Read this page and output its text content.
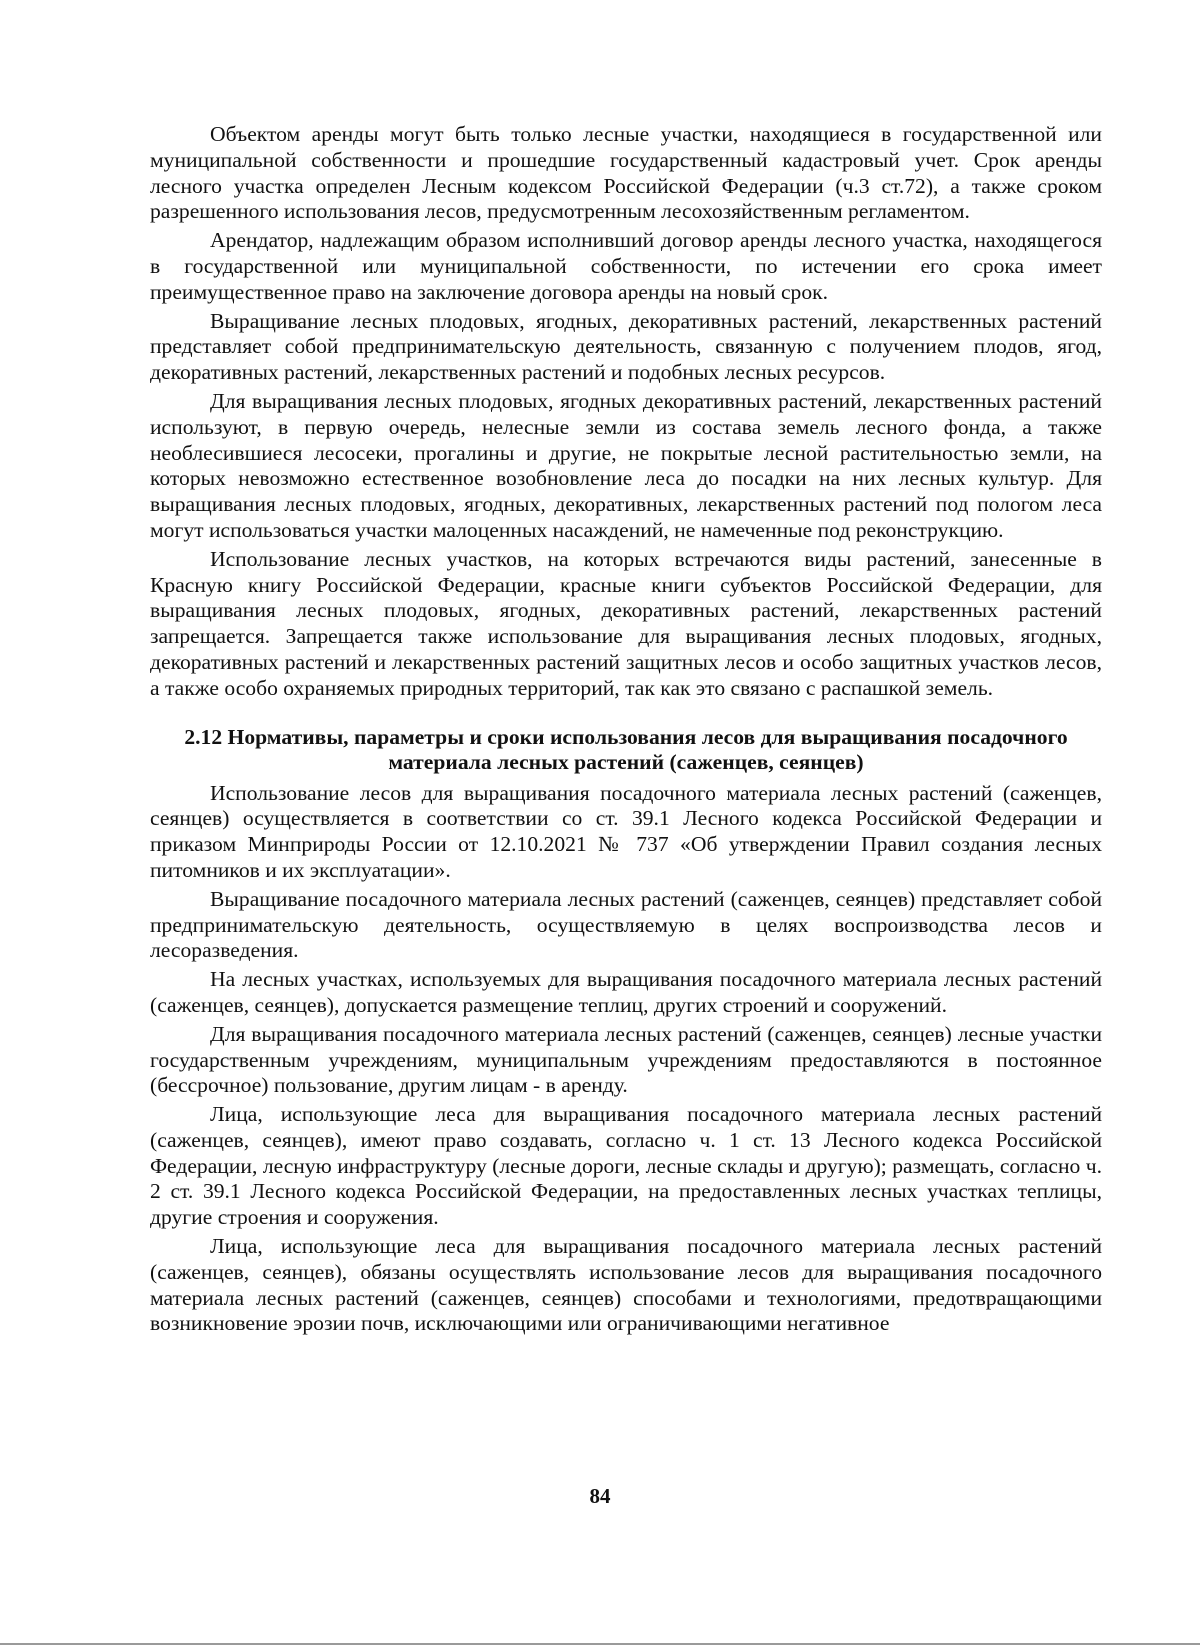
Объектом аренды могут быть только лесные участки, находящиеся в государственной или муниципальной собственности и прошедшие государственный кадастровый учет. Срок аренды лесного участка определен Лесным кодексом Российской Федерации (ч.3 ст.72), а также сроком разрешенного использования лесов, предусмотренным лесохозяйственным регламентом.

Арендатор, надлежащим образом исполнивший договор аренды лесного участка, находящегося в государственной или муниципальной собственности, по истечении его срока имеет преимущественное право на заключение договора аренды на новый срок.

Выращивание лесных плодовых, ягодных, декоративных растений, лекарственных растений представляет собой предпринимательскую деятельность, связанную с получением плодов, ягод, декоративных растений, лекарственных растений и подобных лесных ресурсов.

Для выращивания лесных плодовых, ягодных декоративных растений, лекарственных растений используют, в первую очередь, нелесные земли из состава земель лесного фонда, а также необлесившиеся лесосеки, прогалины и другие, не покрытые лесной растительностью земли, на которых невозможно естественное возобновление леса до посадки на них лесных культур. Для выращивания лесных плодовых, ягодных, декоративных, лекарственных растений под пологом леса могут использоваться участки малоценных насаждений, не намеченные под реконструкцию.

Использование лесных участков, на которых встречаются виды растений, занесенные в Красную книгу Российской Федерации, красные книги субъектов Российской Федерации, для выращивания лесных плодовых, ягодных, декоративных растений, лекарственных растений запрещается. Запрещается также использование для выращивания лесных плодовых, ягодных, декоративных растений и лекарственных растений защитных лесов и особо защитных участков лесов, а также особо охраняемых природных территорий, так как это связано с распашкой земель.

2.12 Нормативы, параметры и сроки использования лесов для выращивания посадочного материала лесных растений (саженцев, сеянцев)

Использование лесов для выращивания посадочного материала лесных растений (саженцев, сеянцев) осуществляется в соответствии со ст. 39.1 Лесного кодекса Российской Федерации и приказом Минприроды России от 12.10.2021 № 737 «Об утверждении Правил создания лесных питомников и их эксплуатации».

Выращивание посадочного материала лесных растений (саженцев, сеянцев) представляет собой предпринимательскую деятельность, осуществляемую в целях воспроизводства лесов и лесоразведения.

На лесных участках, используемых для выращивания посадочного материала лесных растений (саженцев, сеянцев), допускается размещение теплиц, других строений и сооружений.

Для выращивания посадочного материала лесных растений (саженцев, сеянцев) лесные участки государственным учреждениям, муниципальным учреждениям предоставляются в постоянное (бессрочное) пользование, другим лицам - в аренду.

Лица, использующие леса для выращивания посадочного материала лесных растений (саженцев, сеянцев), имеют право создавать, согласно ч. 1 ст. 13 Лесного кодекса Российской Федерации, лесную инфраструктуру (лесные дороги, лесные склады и другую); размещать, согласно ч. 2 ст. 39.1 Лесного кодекса Российской Федерации, на предоставленных лесных участках теплицы, другие строения и сооружения.

Лица, использующие леса для выращивания посадочного материала лесных растений (саженцев, сеянцев), обязаны осуществлять использование лесов для выращивания посадочного материала лесных растений (саженцев, сеянцев) способами и технологиями, предотвращающими возникновение эрозии почв, исключающими или ограничивающими негативное

84
